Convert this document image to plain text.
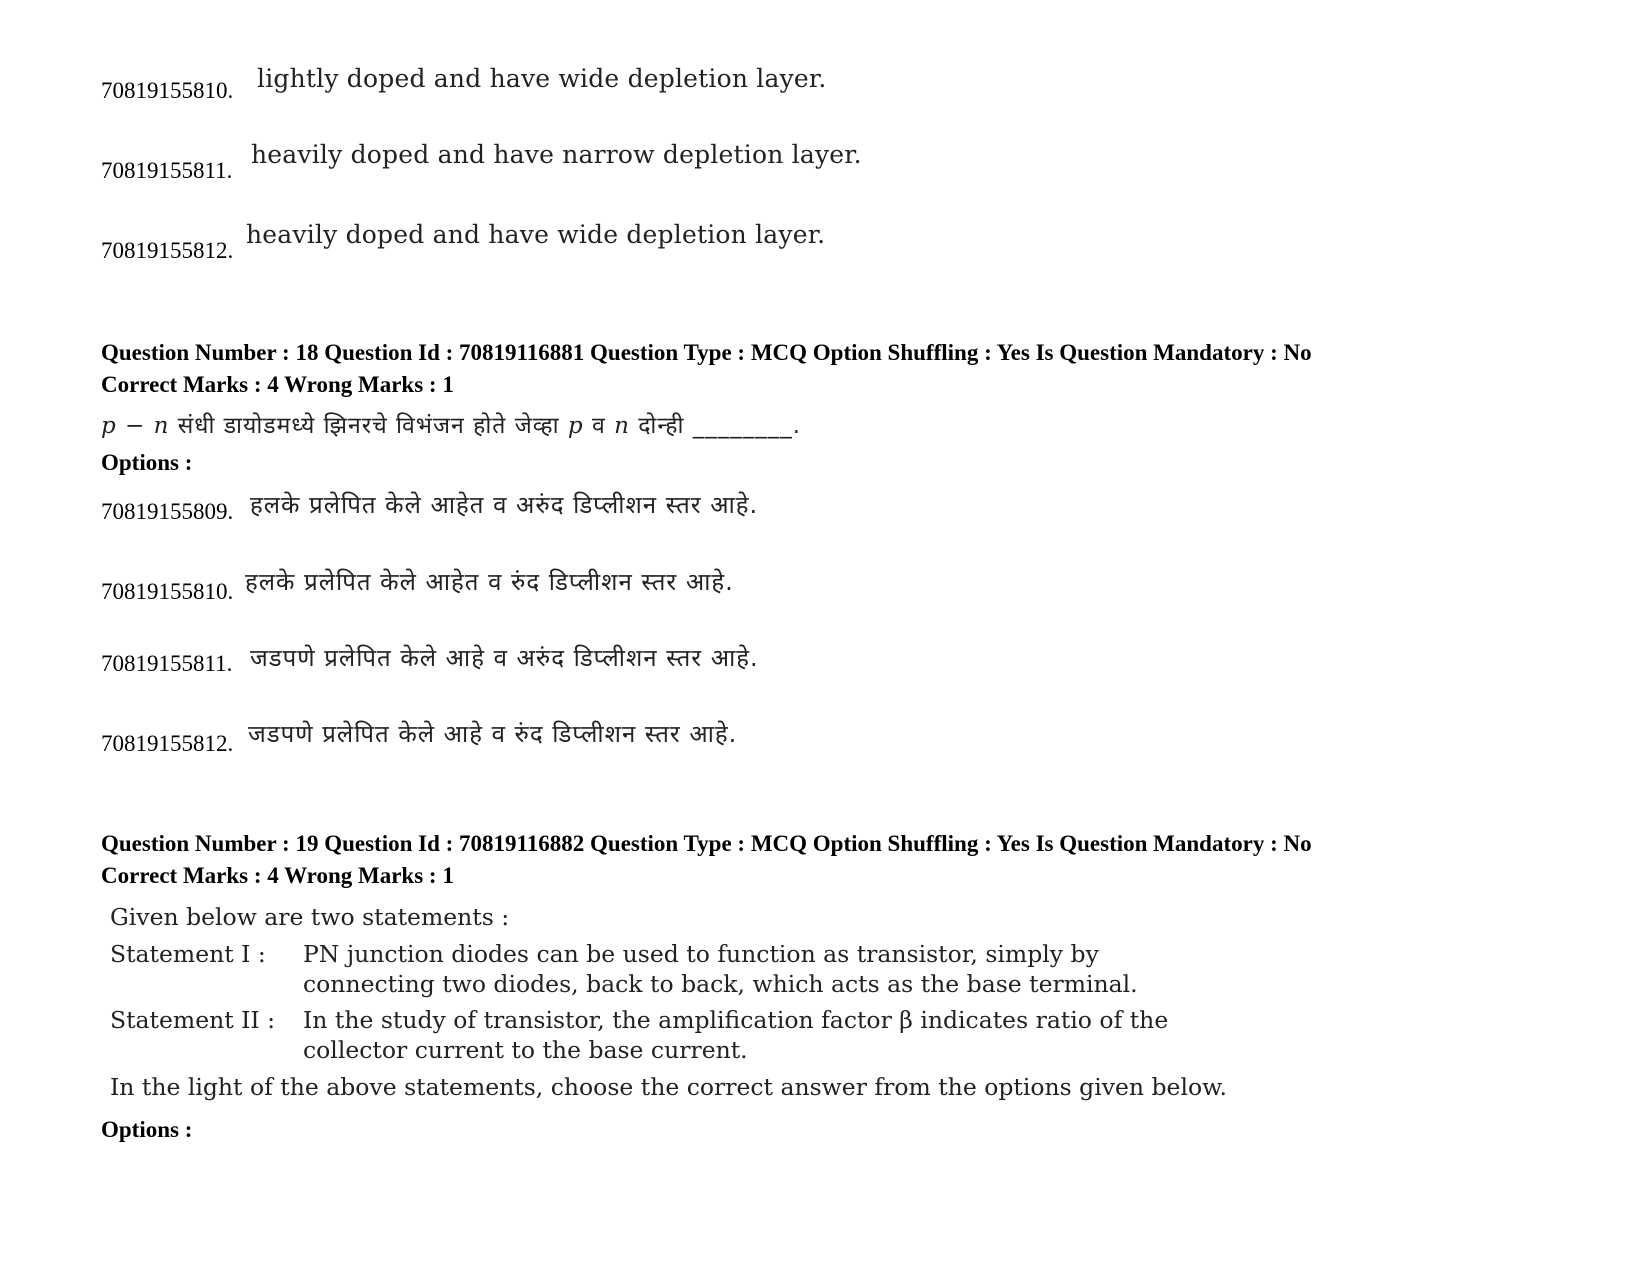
70819155810. lightly doped and have wide depletion layer.
70819155811.
heavily doped and have narrow depletion layer.
70819155812.
heavily doped and have wide depletion layer.
Question Number : 18 Question Id : 70819116881 Question Type : MCQ Option Shuffling : Yes Is Question Mandatory : No
Correct Marks : 4 Wrong Marks : 1
p − n संधी डायोडमध्ये झिनरचे विभंजन होते जेव्हा p व n दोन्ही ________.
Options :
70819155809. हलके प्रलेपित केले आहेत व अरुंद डिप्लीशन स्तर आहे.
70819155810. हलके प्रलेपित केले आहेत व रुंद डिप्लीशन स्तर आहे.
70819155811. जडपणे प्रलेपित केले आहे व अरुंद डिप्लीशन स्तर आहे.
70819155812. जडपणे प्रलेपित केले आहे व रुंद डिप्लीशन स्तर आहे.
Question Number : 19 Question Id : 70819116882 Question Type : MCQ Option Shuffling : Yes Is Question Mandatory : No
Correct Marks : 4 Wrong Marks : 1
Given below are two statements :
Statement I : PN junction diodes can be used to function as transistor, simply by
connecting two diodes, back to back, which acts as the base terminal.
Statement II : In the study of transistor, the amplification factor β indicates ratio of the
collector current to the base current.
In the light of the above statements, choose the correct answer from the options given below.
Options :
